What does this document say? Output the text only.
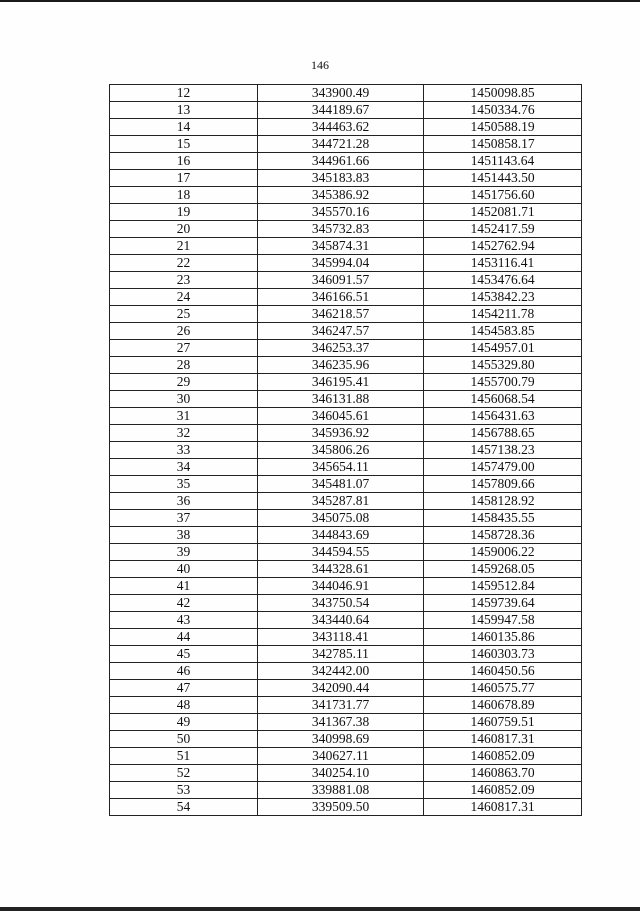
146
12	343900.49	1450098.85
13	344189.67	1450334.76
14	344463.62	1450588.19
15	344721.28	1450858.17
16	344961.66	1451143.64
17	345183.83	1451443.50
18	345386.92	1451756.60
19	345570.16	1452081.71
20	345732.83	1452417.59
21	345874.31	1452762.94
22	345994.04	1453116.41
23	346091.57	1453476.64
24	346166.51	1453842.23
25	346218.57	1454211.78
26	346247.57	1454583.85
27	346253.37	1454957.01
28	346235.96	1455329.80
29	346195.41	1455700.79
30	346131.88	1456068.54
31	346045.61	1456431.63
32	345936.92	1456788.65
33	345806.26	1457138.23
34	345654.11	1457479.00
35	345481.07	1457809.66
36	345287.81	1458128.92
37	345075.08	1458435.55
38	344843.69	1458728.36
39	344594.55	1459006.22
40	344328.61	1459268.05
41	344046.91	1459512.84
42	343750.54	1459739.64
43	343440.64	1459947.58
44	343118.41	1460135.86
45	342785.11	1460303.73
46	342442.00	1460450.56
47	342090.44	1460575.77
48	341731.77	1460678.89
49	341367.38	1460759.51
50	340998.69	1460817.31
51	340627.11	1460852.09
52	340254.10	1460863.70
53	339881.08	1460852.09
54	339509.50	1460817.31
